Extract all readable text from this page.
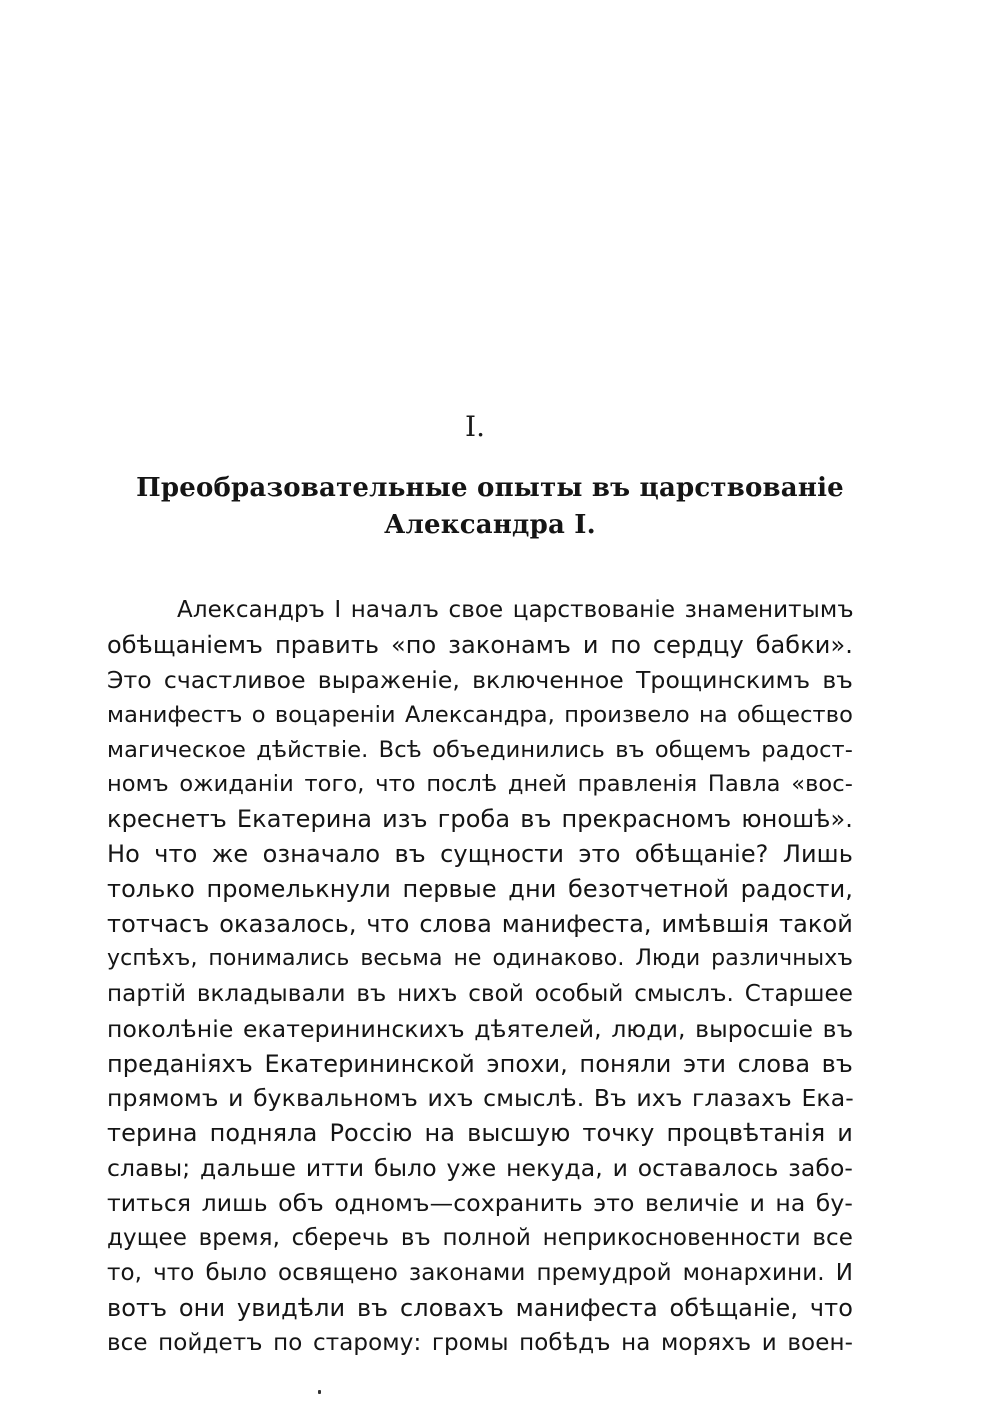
I.
Преобразовательные опыты въ царствованіе
Александра I.
Александръ I началъ свое царствованіе знаменитымъ
обѣщаніемъ править «по законамъ и по сердцу бабки».
Это счастливое выраженіе, включенное Трощинскимъ въ
манифестъ о воцареніи Александра, произвело на общество
магическое дѣйствіе. Всѣ объединились въ общемъ радост-
номъ ожиданіи того, что послѣ дней правленія Павла «вос-
креснетъ Екатерина изъ гроба въ прекрасномъ юношѣ».
Но что же означало въ сущности это обѣщаніе? Лишь
только промелькнули первые дни безотчетной радости,
тотчасъ оказалось, что слова манифеста, имѣвшія такой
успѣхъ, понимались весьма не одинаково. Люди различныхъ
партій вкладывали въ нихъ свой особый смыслъ. Старшее
поколѣніе екатерининскихъ дѣятелей, люди, выросшіе въ
преданіяхъ Екатерининской эпохи, поняли эти слова въ
прямомъ и буквальномъ ихъ смыслѣ. Въ ихъ глазахъ Ека-
терина подняла Россію на высшую точку процвѣтанія и
славы; дальше итти было уже некуда, и оставалось забо-
титься лишь объ одномъ—сохранить это величіе и на бу-
дущее время, сберечь въ полной неприкосновенности все
то, что было освящено законами премудрой монархини. И
вотъ они увидѣли въ словахъ манифеста обѣщаніе, что
все пойдетъ по старому: громы побѣдъ на моряхъ и воен-
